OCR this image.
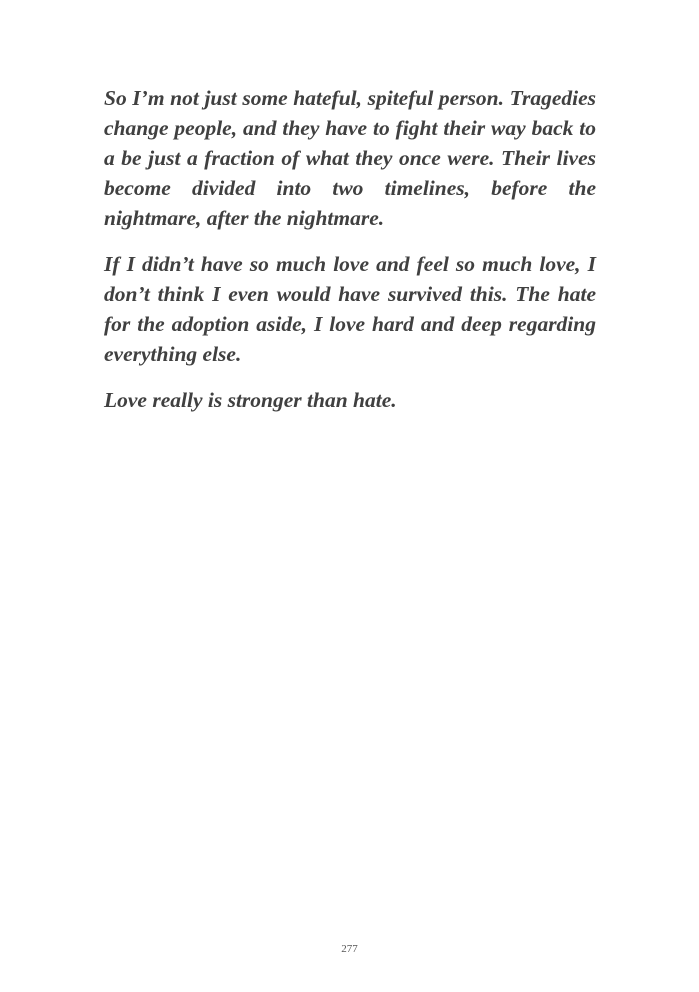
So I’m not just some hateful, spiteful person. Tragedies change people, and they have to fight their way back to a be just a fraction of what they once were. Their lives become divided into two timelines, before the nightmare, after the nightmare.

If I didn’t have so much love and feel so much love, I don’t think I even would have survived this. The hate for the adoption aside, I love hard and deep regarding everything else.

Love really is stronger than hate.

277
